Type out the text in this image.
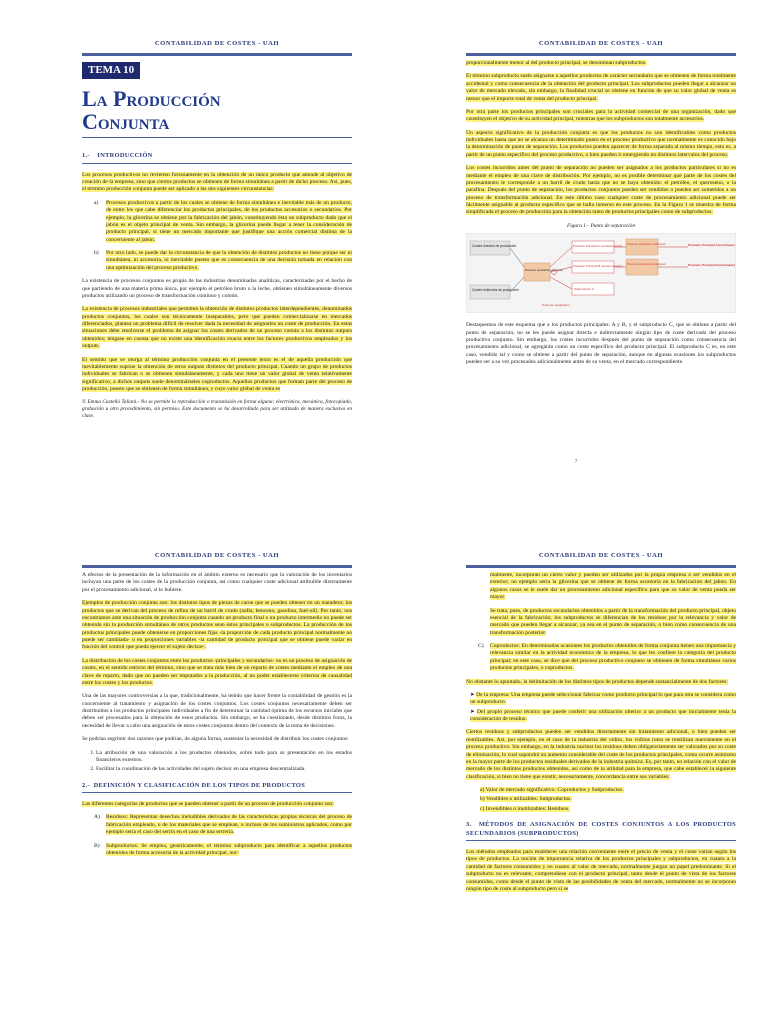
CONTABILIDAD DE COSTES - UAH
TEMA 10
La Producción
Conjunta
1.- INTRODUCCIÓN

Los procesos productivos no revierten forzosamente en la obtención de un único producto que atiende al objetivo de creación de la empresa, sino que ciertos productos se obtienen de forma simultánea a partir de dicho proceso. Así, pues, el término producción conjunta puede ser aplicado a las dos siguientes circunstancias:

a)	Procesos productivos a partir de los cuales se obtiene de forma simultánea e inevitable más de un producto, de entre los que cabe diferenciar los productos principales, de los productos accesorios o secundarios. Por ejemplo, la glicerina se obtiene por la fabricación del jabón, constituyendo ésta un subproducto dado que el jabón es el objeto principal de venta. Sin embargo, la glicerina puede llegar a tener la consideración de producto principal, si tiene un mercado importante que justifique una acción comercial distinta de la concerniente al jabón.
b)	Por otro lado, se puede dar la circunstancia de que la obtención de distintos productos no tiene porque ser ni simultánea, ni accesoria, ni inevitable puesto que es consecuencia de una decisión tomada en relación con una optimización del proceso productivo.

La existencia de procesos conjuntos es propia de las industrias denominadas analíticas, caracterizadas por el hecho de que partiendo de una materia prima única, por ejemplo el petróleo bruto o la leche, obtienen simultáneamente diversos productos utilizando un proceso de transformación continuo y común.

La existencia de procesos industriales que permiten la obtención de distintos productos interdependientes, denominados productos conjuntos, los cuales son técnicamente inseparables, pero que pueden comercializarse en mercados diferenciados, plantea un problema difícil de resolver dada la necesidad de asignarles un coste de producción. En estas situaciones debe resolverse el problema de asignar los costes derivados de un proceso común a los distintos outputs obtenidos; téngase en cuenta que no existe una identificación exacta entre los factores productivos empleados y los outputs.

El sentido que se otorga al término producción conjunta en el presente texto es el de aquella producción que inevitablemente supone la obtención de otros outputs distintos del producto principal. Cuando un grupo de productos individuales se fabrican o se obtienen simultáneamente, y cada uno tiene un valor global de venta relativamente significativo, a dichos outputs suele denominárseles coproductos. Aquellos productos que forman parte del proceso de producción, puesto que se obtienen de forma simultánea, y cuyo valor global de venta es

© Emma Castelló Taliani.- No se permite la reproducción o transmisión en forma alguna: electrónica, mecánica, fotocopiado, grabación u otro procedimiento, sin permiso. Este documento se ha desarrollado para ser utilizado de manera exclusiva en clase.
CONTABILIDAD DE COSTES - UAH

proporcionalmente menor al del producto principal, se denominan subproductos.

El término subproducto suele asignarse a aquellos productos de carácter secundario que se obtienen de forma totalmente accidental y como consecuencia de la obtención del producto principal. Los subproductos pueden llegar a alcanzar un valor de mercado elevado, sin embargo, la finalidad crucial se obtiene en función de que su valor global de venta es menor que el importe total de venta del producto principal.

Por otra parte los productos principales son cruciales para la actividad comercial de una organización, dado que constituyen el objetivo de su actividad principal, mientras que los subproductos son totalmente accesorios.

Un aspecto significativo de la producción conjunta es que los productos no son identificables como productos individuales hasta que no se alcanza un determinado punto en el proceso productivo que normalmente es conocido bajo la denominación de punto de separación. Los productos pueden aparecer de forma separada al mismo tiempo, esto es, a partir de un punto específico del proceso productivo, o bien pueden ir emergiendo en distintos intervalos del proceso.

Los costes incurridos antes del punto de separación no pueden ser asignados a los productos particulares si no es mediante el empleo de una clave de distribución. Por ejemplo, no es posible determinar qué parte de los costes del procesamiento le corresponde a un barril de crudo hasta que no se haya obtenido: el petróleo, el queroseno, o la parafina. Después del punto de separación, los productos conjuntos pueden ser vendidos o pueden ser sometidos a un proceso de transformación adicional. En este último caso cualquier coste de procesamiento adicional puede ser fácilmente asignable al producto específico que se halla inmerso en este proceso. En la Figura 1 se muestra de forma simplificada el proceso de producción para la obtención tanto de productos principales como de subproductos.

Figura 1.- Punto de separación
Costes directos de producción
Costes indirectos de producción
Proceso productivo conjunto
Punto de separación
Producto Principal A (semiterminado)
Producto Principal B (semiterminado)
Subproducto C
Proceso productivo adicional
Proceso productivo adicional
Producto Principal A (terminado)
Producto Principal B (terminado)

Destaquemos de este esquema que a los productos principales: A y B, y el subproducto C, que se obtiene a partir del punto de separación, no se les puede asignar directa e indirectamente ningún tipo de coste derivado del proceso productivo conjunto. Sin embargo, los costes incurridos después del punto de separación como consecuencia del procesamiento adicional, se agregarán como un coste específico del producto principal. El subproducto C es, en este caso, vendido tal y como se obtiene a partir del punto de separación, aunque en algunas ocasiones los subproductos pueden ser a su vez procesados adicionalmente antes de su venta, en el mercado correspondiente.

7
CONTABILIDAD DE COSTES - UAH

A efectos de la presentación de la información en el ámbito externo es necesario que la valoración de los inventarios incluyan una parte de los costes de la producción conjunta, así como cualquier coste adicional atribuible directamente por el procesamiento adicional, si lo hubiere.

Ejemplos de producción conjunta son: los distintos tipos de piezas de carne que se pueden obtener en un matadero; los productos que se derivan del proceso de refino de un barril de crudo (nafta, benceno, gasolina, fuel-oil). Por tanto, nos encontramos ante una situación de producción conjunta cuando un producto final o un producto intermedio no puede ser obtenido sin la producción simultánea de otros productos sean éstos principales o subproductos. La producción de los productos principales puede obtenerse en proporciones fijas -la proporción de cada producto principal normalmente no puede ser cambiada- o en proporciones variables -la cantidad de producto principal que se obtiene puede variar en función del control que pueda ejercer el sujeto decisor-.

La distribución de los costes conjuntos entre los productos -principales y secundarios- no es un proceso de asignación de costes, en el sentido estricto del término, sino que se trata más bien de un reparto de costes mediante el empleo de una clave de reparto, dado que no pueden ser imputados a la producción, al no poder establecerse criterios de causalidad entre los costes y los productos.

Una de las mayores controversias a la que, tradicionalmente, ha tenido que hacer frente la contabilidad de gestión es la concerniente al tratamiento y asignación de los costes conjuntos. Los costes conjuntos necesariamente deben ser distribuidos a los productos principales individuales a fin de determinar la cantidad óptima de los recursos iniciales que deben ser procesados para la obtención de estos productos. Sin embargo, se ha cuestionado, desde distintos foros, la necesidad de llevar a cabo una asignación de estos costes conjuntos dentro del contexto de la toma de decisiones.

Se podrían esgrimir dos razones que podrían, de alguna forma, sustentar la necesidad de distribuir los costes conjuntos:

1. La atribución de una valoración a los productos obtenidos, sobre todo para su presentación en los estados financieros externos.
2. Facilitar la coordinación de las actividades del sujeto decisor en una empresa descentralizada.
2.- DEFINICIÓN Y CLASIFICACIÓN DE LOS TIPOS DE PRODUCTOS

Las diferentes categorías de productos que se pueden obtener a partir de un proceso de producción conjunto son:

A)	Residuos: Representan desechos ineludibles derivados de las características propias técnicas del proceso de fabricación empleado, o de los materiales que se emplean, o incluso de los suministros aplicados, como por ejemplo sería el caso del serrín en el caso de una serrería.
B)	Subproductos: Se emplea, genéricamente, el término subproducto para identificar a aquellos productos obtenidos de forma accesoria de la actividad principal, nor-
CONTABILIDAD DE COSTES - UAH

malmente, incorporan un cierto valor y pueden ser utilizados por la propia empresa o ser vendidos en el exterior; un ejemplo sería la glicerina que se obtiene de forma accesoria en la fabricación del jabón. En algunos casos se le suele dar un procesamiento adicional específico para que su valor de venta pueda ser mayor.

Se trata, pues, de productos secundarios obtenidos a partir de la transformación del producto principal, objeto esencial de la fabricación; los subproductos se diferencian de los residuos por la relevancia y valor de mercado que pueden llegar a alcanzar, ya sea en el punto de separación, o bien como consecuencia de una transformación posterior.

C)	Coproductos: En determinadas ocasiones los productos obtenidos de forma conjunta tienen una importancia y relevancia similar en la actividad económica de la empresa, lo que les confiere la categoría del producto principal; en este caso, se dice que del proceso productivo conjunto se obtienen de forma simultánea varios productos principales, o coproductos.

No obstante lo apuntado, la delimitación de los distintos tipos de productos depende sustancialmente de dos factores:

➤ De la empresa: Una empresa puede seleccionar fabricar como producto principal lo que para otra se considera como un subproducto.
➤ Del propio proceso técnico que puede conferir una utilización ulterior a un producto que inicialmente tenía la consideración de residuo.

Ciertos residuos y subproductos pueden ser vendidos directamente sin tratamiento adicional, o bien pueden ser reutilizables. Así, por ejemplo, en el caso de la industria del vidrio, los vidrios rotos se reutilizan nuevamente en el proceso productivo. Sin embargo, en la industria nuclear los residuos deben obligatoriamente ser valorados por su coste de eliminación, lo cual supondrá un aumento considerable del coste de los productos principales, como ocurre asimismo en la mayor parte de los productos residuales derivados de la industria química. Es, por tanto, en relación con el valor de mercado de los distintos productos obtenidos, así como de la utilidad para la empresa, que cabe establecer la siguiente clasificación, si bien no tiene que existir, necesariamente, concordancia entre sus variables:

a) Valor de mercado significativo: Coproductos y Subproductos.
b) Vendibles o utilizables: Subproductos.
c) Invendibles o inutilizables: Residuos.
3. MÉTODOS DE ASIGNACIÓN DE COSTES CONJUNTOS A LOS PRODUCTOS SECUNDARIOS (SUBPRODUCTOS)

Los métodos empleados para establecer una relación conveniente entre el precio de venta y el coste varían según los tipos de productos. La noción de importancia relativa de los productos principales y subproductos, en cuanto a la cantidad de factores consumidos y en cuanto al valor de mercado, normalmente juegan un papel predominante. Si el subproducto no es relevante, comprendiese con el producto principal, tanto desde el punto de vista de los factores consumidos, como desde el punto de vista de las posibilidades de venta del mercado, normalmente no se incorporan ningún tipo de coste al subproducto pero sí se
